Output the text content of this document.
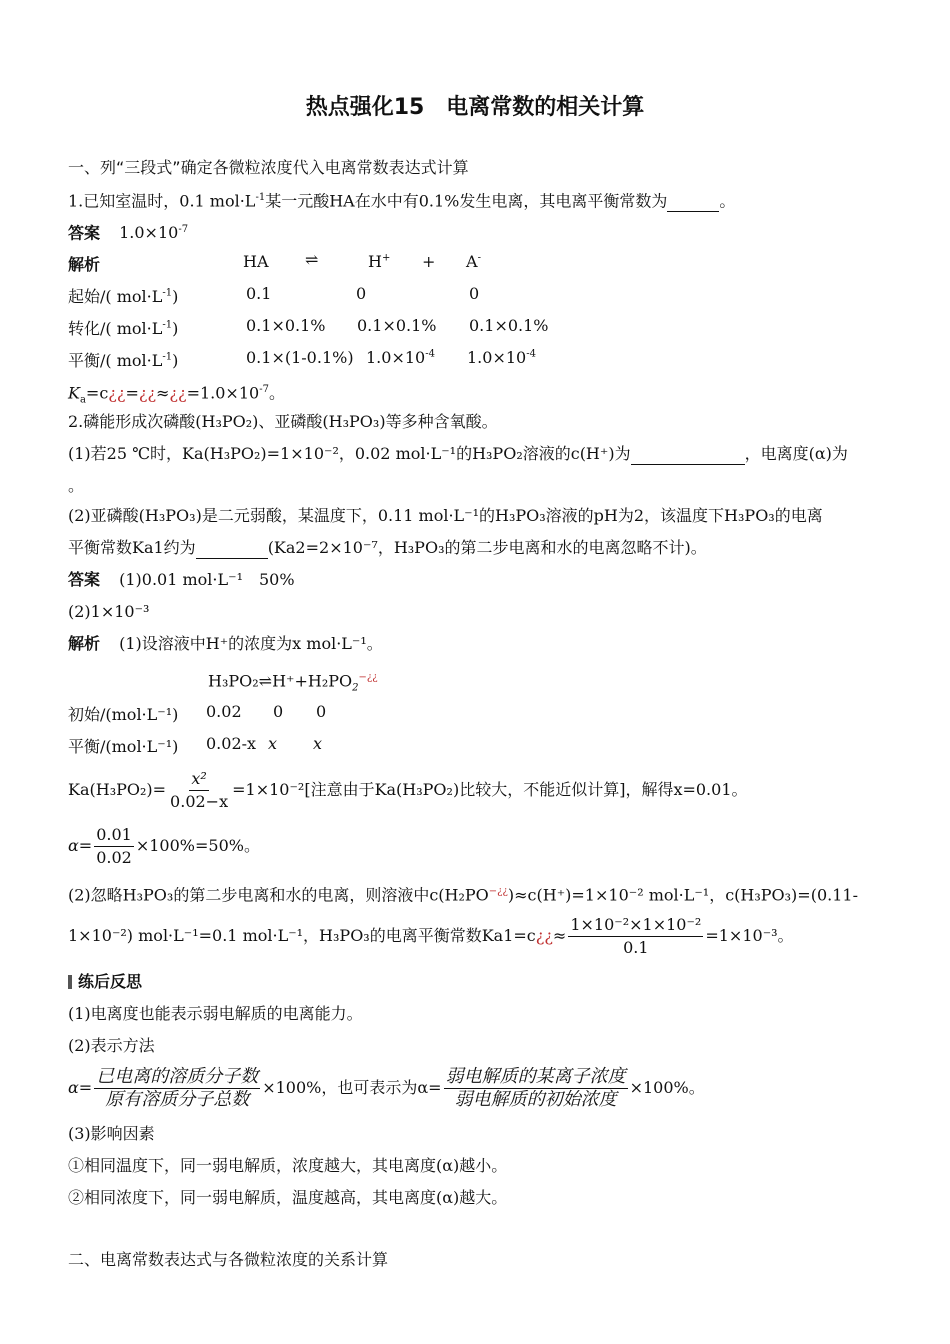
热点强化15　电离常数的相关计算
一、列“三段式”确定各微粒浓度代入电离常数表达式计算
1.已知室温时，0.1 $mol\cdot L^{-1}$某一元酸HA在水中有0.1%发生电离，其电离平衡常数为	。
答案 $1.0\times 10^{-7}$
解析	HA ⇌	H+ + A-
起始/( $mol\cdot L^{-1}$)	0.1	0	0
转化/( $mol\cdot L^{-1}$)	0.1×0.1% 0.1×0.1% 0.1×0.1%
平衡/( $mol\cdot L^{-1}$)	0.1×(1-0.1%) $1.0\times 10^{-4}$ $1.0\times 10^{-4}$
$K_a=c¿¿=¿¿\approx¿¿=1.0\times 10^{-7}$。
2.磷能形成次磷酸(H₃PO₂)、亚磷酸(H₃PO₃)等多种含氧酸。
(1)若25 ℃时，Ka(H₃PO₂)=1×10⁻²，0.02 mol·L⁻¹的H₃PO₂溶液的c(H⁺)为	，电离度(α)为
。
(2)亚磷酸(H₃PO₃)是二元弱酸，某温度下，0.11 mol·L⁻¹的H₃PO₃溶液的pH为2，该温度下H₃PO₃的电离
平衡常数Ka1约为	(Ka2=2×10⁻⁷，H₃PO₃的第二步电离和水的电离忽略不计)。
答案 (1)0.01 mol·L⁻¹　50%
(2)1×10⁻³
解析 (1)设溶液中H⁺的浓度为x mol·L⁻¹。
$H_3PO_2\rightleftharpoons H^++H_2PO_2^{-¿¿}$
初始/(mol·L⁻¹) 0.02 0 0
平衡/(mol·L⁻¹) 0.02-x x x
$Ka(H_3PO_2)= \frac{\text{x²}}{0.02-x} =1\times 10^{-2}$[注意由于Ka(H₃PO₂)比较大，不能近似计算]，解得x=0.01。
$\alpha= \frac{0.01}{0.02} \times 100\%=50\%$。
(2)忽略H₃PO₃的第二步电离和水的电离，则溶液中c(H₂PO−¿¿)≈c(H⁺)=1×10⁻² mol·L⁻¹，c(H₃PO₃)=(0.11-
1×10⁻²) mol·L⁻¹=0.1 mol·L⁻¹，H₃PO₃的电离平衡常数Ka1=c¿¿≈ $\frac{\text{1×10⁻²×1×10⁻²}}{0.1} =1\times 10^{-3}$。
练后反思
(1)电离度也能表示弱电解质的电离能力。
(2)表示方法
$\alpha= \frac{\text{已电离的溶质分子数}}{\text{原有溶质分子总数}} \times 100\%$，也可表示为$\alpha= \frac{\text{弱电解质的某离子浓度}}{\text{弱电解质的初始浓度}} \times 100\%$。
(3)影响因素
①相同温度下，同一弱电解质，浓度越大，其电离度(α)越小。
②相同浓度下，同一弱电解质，温度越高，其电离度(α)越大。
二、电离常数表达式与各微粒浓度的关系计算
